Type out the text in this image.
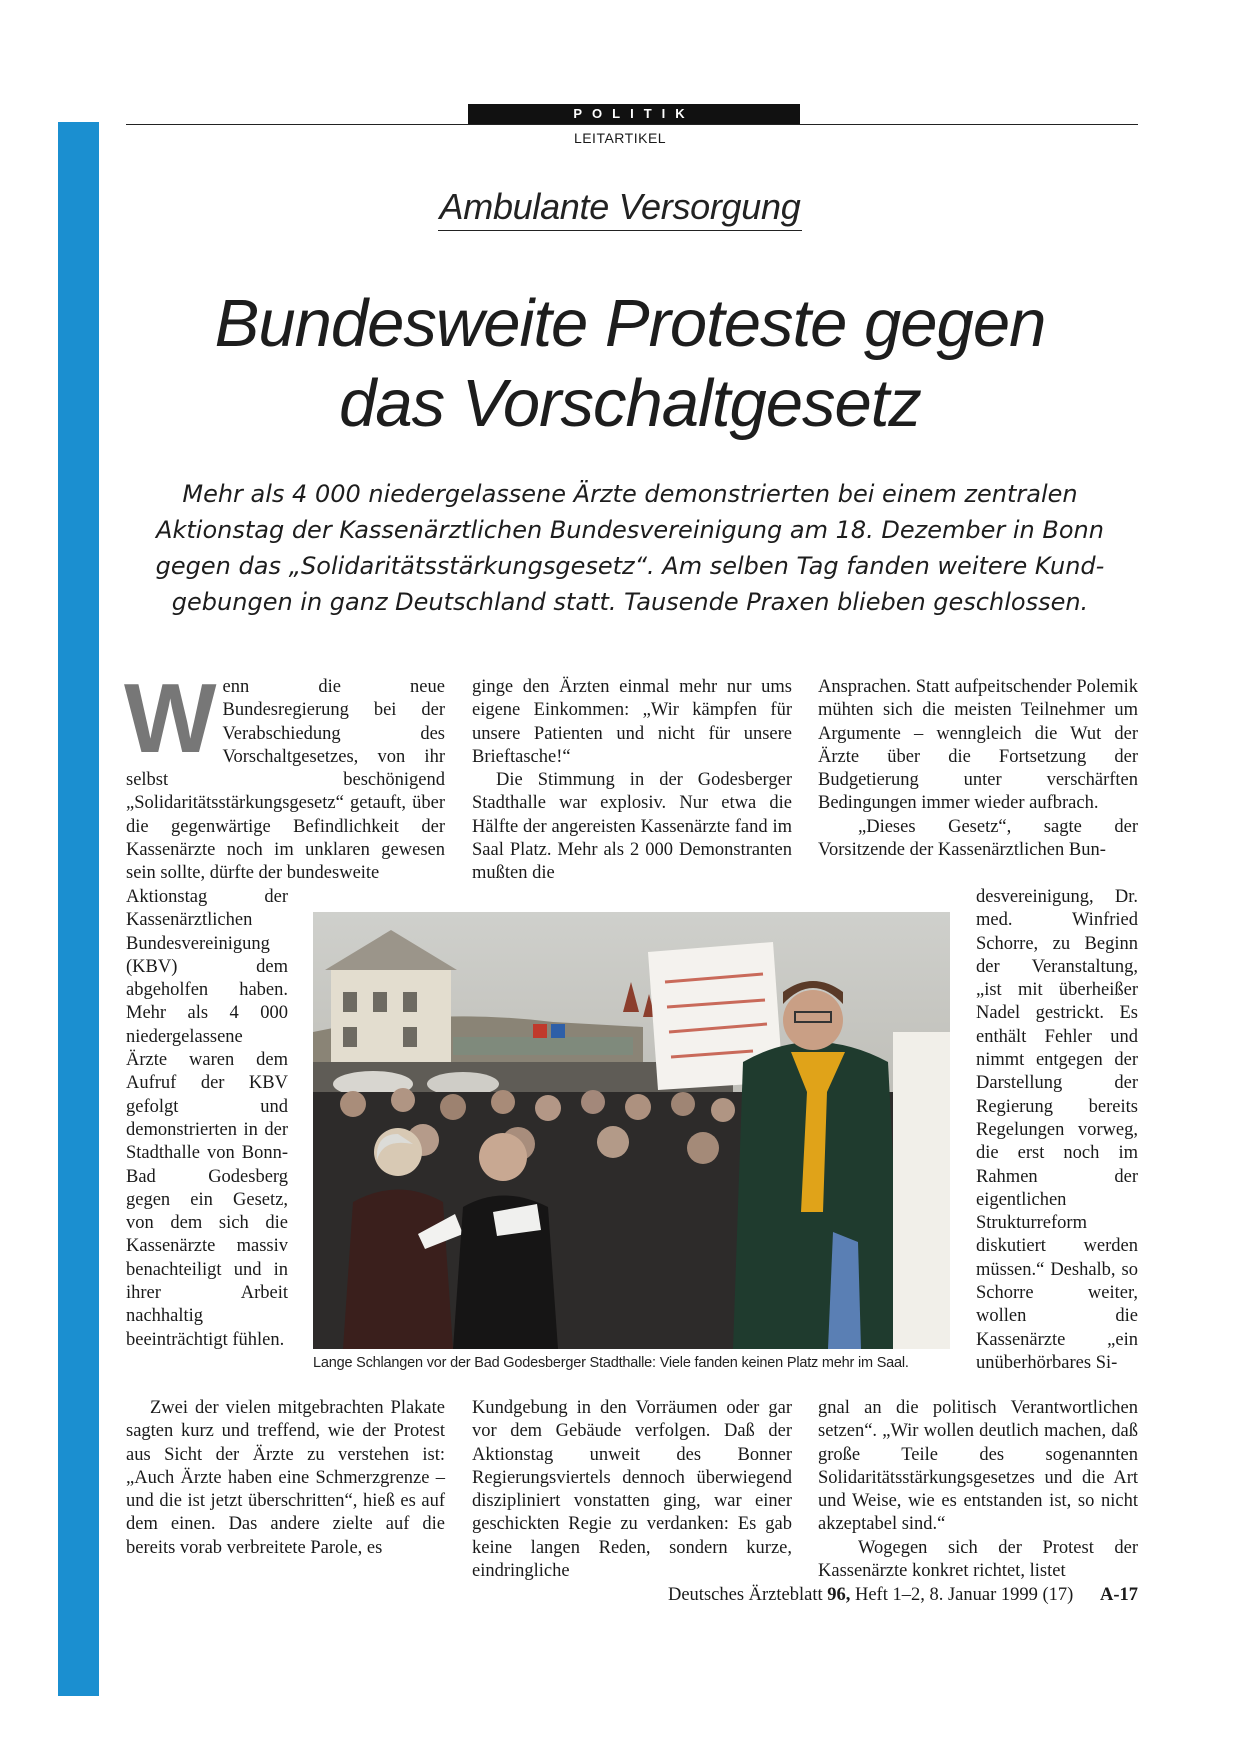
POLITIK
LEITARTIKEL
Ambulante Versorgung
Bundesweite Proteste gegen
das Vorschaltgesetz

Mehr als 4 000 niedergelassene Ärzte demonstrierten bei einem zentralen
Aktionstag der Kassenärztlichen Bundesvereinigung am 18. Dezember in Bonn
gegen das „Solidaritätsstärkungsgesetz“. Am selben Tag fanden weitere Kund-
gebungen in ganz Deutschland statt. Tausende Praxen blieben geschlossen.

W enn die neue Bundesregierung bei der Verabschiedung des Vorschaltgesetzes, von ihr selbst beschönigend „Solidaritätsstärkungsgesetz“ getauft, über die gegenwärtige Befindlichkeit der Kassenärzte noch im unklaren gewesen sein sollte, dürfte der bundesweite

Aktionstag der Kassenärztlichen Bundesvereinigung (KBV) dem abgeholfen haben. Mehr als 4 000 niedergelassene Ärzte waren dem Aufruf der KBV gefolgt und demonstrierten in der Stadthalle von Bonn-Bad Godesberg gegen ein Gesetz, von dem sich die Kassenärzte massiv benachteiligt und in ihrer Arbeit nachhaltig beeinträchtigt fühlen.

Zwei der vielen mitgebrachten Plakate sagten kurz und treffend, wie der Protest aus Sicht der Ärzte zu verstehen ist: „Auch Ärzte haben eine Schmerzgrenze – und die ist jetzt überschritten“, hieß es auf dem einen. Das andere zielte auf die bereits vorab verbreitete Parole, es

ginge den Ärzten einmal mehr nur ums eigene Einkommen: „Wir kämpfen für unsere Patienten und nicht für unsere Brieftasche!“

Die Stimmung in der Godesberger Stadthalle war explosiv. Nur etwa die Hälfte der angereisten Kassenärzte fand im Saal Platz. Mehr als 2 000 Demonstranten mußten die

Kundgebung in den Vorräumen oder gar vor dem Gebäude verfolgen. Daß der Aktionstag unweit des Bonner Regierungsviertels dennoch überwiegend diszipliniert vonstatten ging, war einer geschickten Regie zu verdanken: Es gab keine langen Reden, sondern kurze, eindringliche

Ansprachen. Statt aufpeitschender Polemik mühten sich die meisten Teilnehmer um Argumente – wenngleich die Wut der Ärzte über die Fortsetzung der Budgetierung unter verschärften Bedingungen immer wieder aufbrach.

„Dieses Gesetz“, sagte der Vorsitzende der Kassenärztlichen Bun-

desvereinigung, Dr. med. Winfried Schorre, zu Beginn der Veranstaltung, „ist mit überheißer Nadel gestrickt. Es enthält Fehler und nimmt entgegen der Darstellung der Regierung bereits Regelungen vorweg, die erst noch im Rahmen der eigentlichen Strukturreform diskutiert werden müssen.“ Deshalb, so Schorre weiter, wollen die Kassenärzte „ein unüberhörbares Si-

gnal an die politisch Verantwortlichen setzen“. „Wir wollen deutlich machen, daß große Teile des sogenannten Solidaritätsstärkungsgesetzes und die Art und Weise, wie es entstanden ist, so nicht akzeptabel sind.“

Wogegen sich der Protest der Kassenärzte konkret richtet, listet

Lange Schlangen vor der Bad Godesberger Stadthalle: Viele fanden keinen Platz mehr im Saal.
Deutsches Ärzteblatt 96, Heft 1–2, 8. Januar 1999 (17) A-17
